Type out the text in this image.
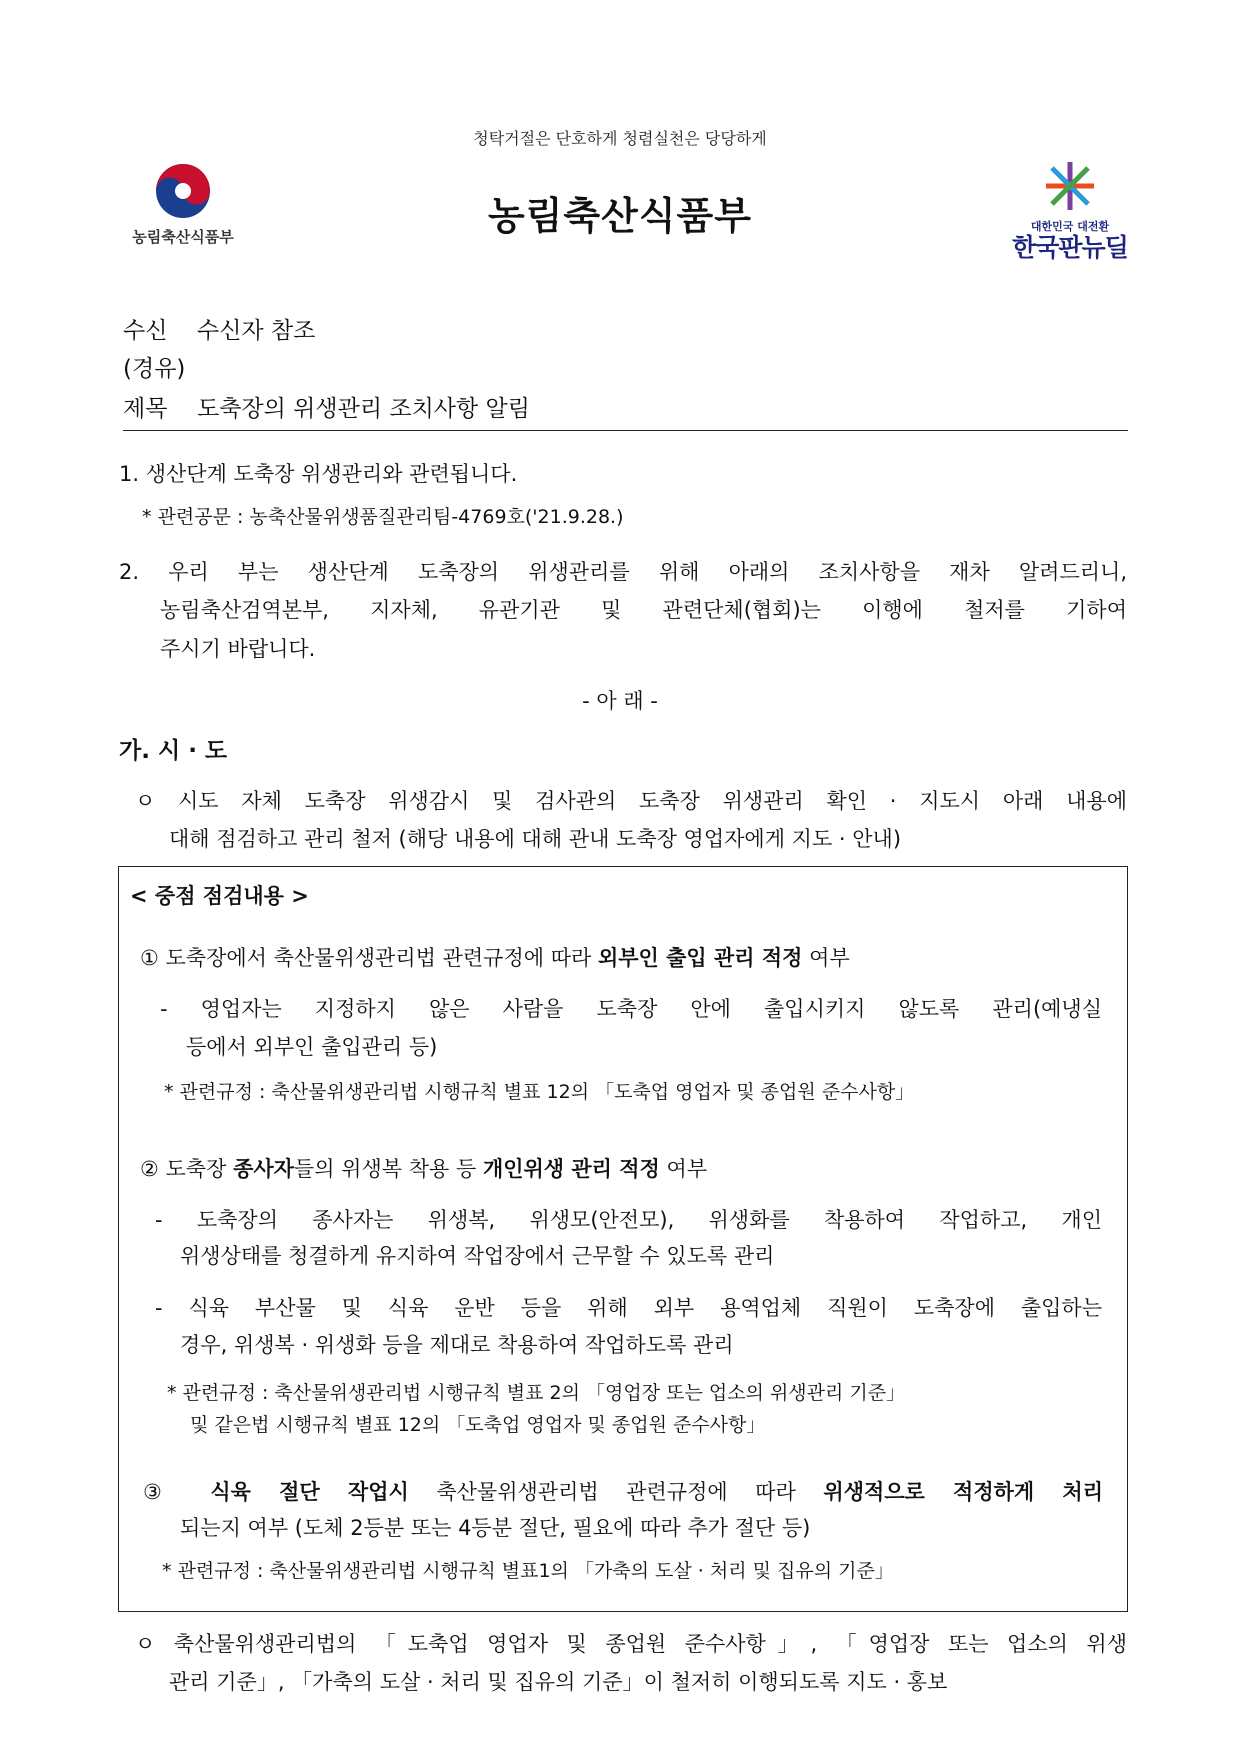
청탁거절은 단호하게 청렴실천은 당당하게
농림축산식품부	농림축산식품부	대한민국 대전환
한국판뉴딜
수신 수신자 참조
(경유)
제목 도축장의 위생관리 조치사항 알림
1. 생산단계 도축장 위생관리와 관련됩니다.
* 관련공문 : 농축산물위생품질관리팀-4769호('21.9.28.)
2. 우리 부는 생산단계 도축장의 위생관리를 위해 아래의 조치사항을 재차 알려드리니,
농림축산검역본부, 지자체, 유관기관 및 관련단체(협회)는 이행에 철저를 기하여
주시기 바랍니다.
- 아 래 -
가. 시 · 도
ㅇ 시도 자체 도축장 위생감시 및 검사관의 도축장 위생관리 확인 · 지도시 아래 내용에
대해 점검하고 관리 철저 (해당 내용에 대해 관내 도축장 영업자에게 지도 · 안내)
< 중점 점검내용 >
① 도축장에서 축산물위생관리법 관련규정에 따라 외부인 출입 관리 적정 여부
- 영업자는 지정하지 않은 사람을 도축장 안에 출입시키지 않도록 관리(예냉실
등에서 외부인 출입관리 등)
* 관련규정 : 축산물위생관리법 시행규칙 별표 12의 「도축업 영업자 및 종업원 준수사항」
② 도축장 종사자들의 위생복 착용 등 개인위생 관리 적정 여부
- 도축장의 종사자는 위생복, 위생모(안전모), 위생화를 착용하여 작업하고, 개인
위생상태를 청결하게 유지하여 작업장에서 근무할 수 있도록 관리
- 식육 부산물 및 식육 운반 등을 위해 외부 용역업체 직원이 도축장에 출입하는
경우, 위생복 · 위생화 등을 제대로 착용하여 작업하도록 관리
* 관련규정 : 축산물위생관리법 시행규칙 별표 2의 「영업장 또는 업소의 위생관리 기준」
및 같은법 시행규칙 별표 12의 「도축업 영업자 및 종업원 준수사항」
③ 식육 절단 작업시 축산물위생관리법 관련규정에 따라 위생적으로 적정하게 처리
되는지 여부 (도체 2등분 또는 4등분 절단, 필요에 따라 추가 절단 등)
* 관련규정 : 축산물위생관리법 시행규칙 별표1의 「가축의 도살 · 처리 및 집유의 기준」
ㅇ 축산물위생관리법의 「도축업 영업자 및 종업원 준수사항」, 「영업장 또는 업소의 위생
관리 기준」, 「가축의 도살 · 처리 및 집유의 기준」이 철저히 이행되도록 지도 · 홍보
